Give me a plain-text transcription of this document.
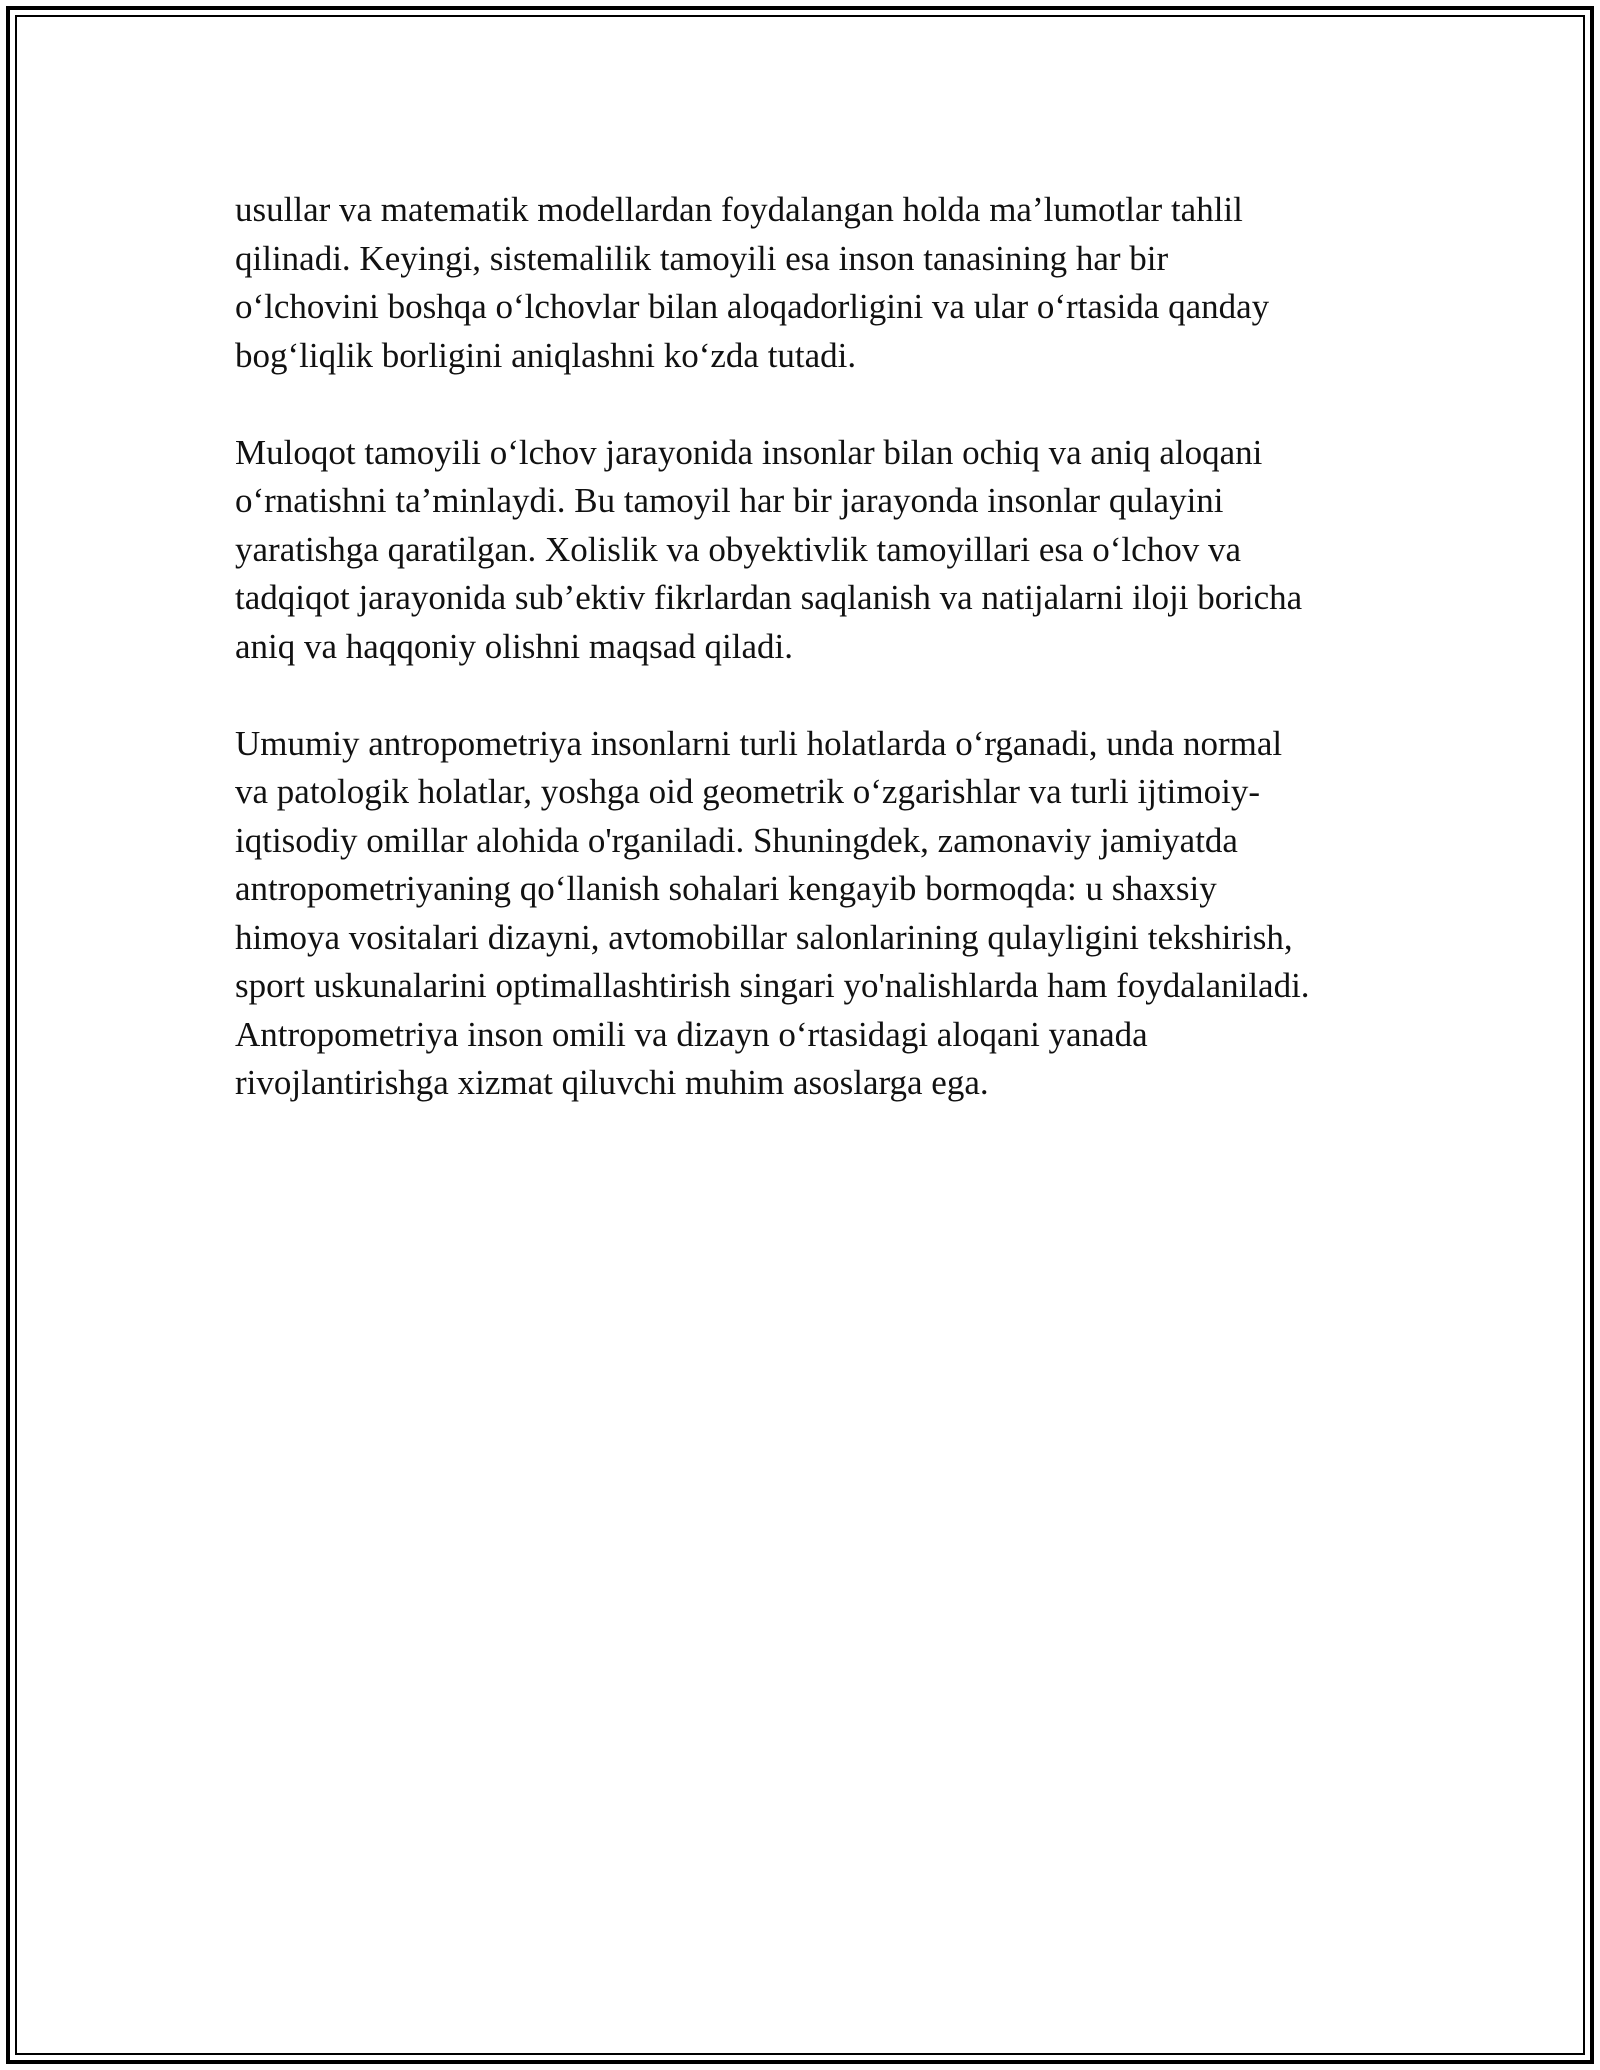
usullar va matematik modellardan foydalangan holda ma’lumotlar tahlil
qilinadi. Keyingi, sistemalilik tamoyili esa inson tanasining har bir
o‘lchovini boshqa o‘lchovlar bilan aloqadorligini va ular o‘rtasida qanday
bog‘liqlik borligini aniqlashni ko‘zda tutadi.

Muloqot tamoyili o‘lchov jarayonida insonlar bilan ochiq va aniq aloqani
o‘rnatishni ta’minlaydi. Bu tamoyil har bir jarayonda insonlar qulayini
yaratishga qaratilgan. Xolislik va obyektivlik tamoyillari esa o‘lchov va
tadqiqot jarayonida sub’ektiv fikrlardan saqlanish va natijalarni iloji boricha
aniq va haqqoniy olishni maqsad qiladi.

Umumiy antropometriya insonlarni turli holatlarda o‘rganadi, unda normal
va patologik holatlar, yoshga oid geometrik o‘zgarishlar va turli ijtimoiy-
iqtisodiy omillar alohida o'rganiladi. Shuningdek, zamonaviy jamiyatda
antropometriyaning qo‘llanish sohalari kengayib bormoqda: u shaxsiy
himoya vositalari dizayni, avtomobillar salonlarining qulayligini tekshirish,
sport uskunalarini optimallashtirish singari yo'nalishlarda ham foydalaniladi.
Antropometriya inson omili va dizayn o‘rtasidagi aloqani yanada
rivojlantirishga xizmat qiluvchi muhim asoslarga ega.
